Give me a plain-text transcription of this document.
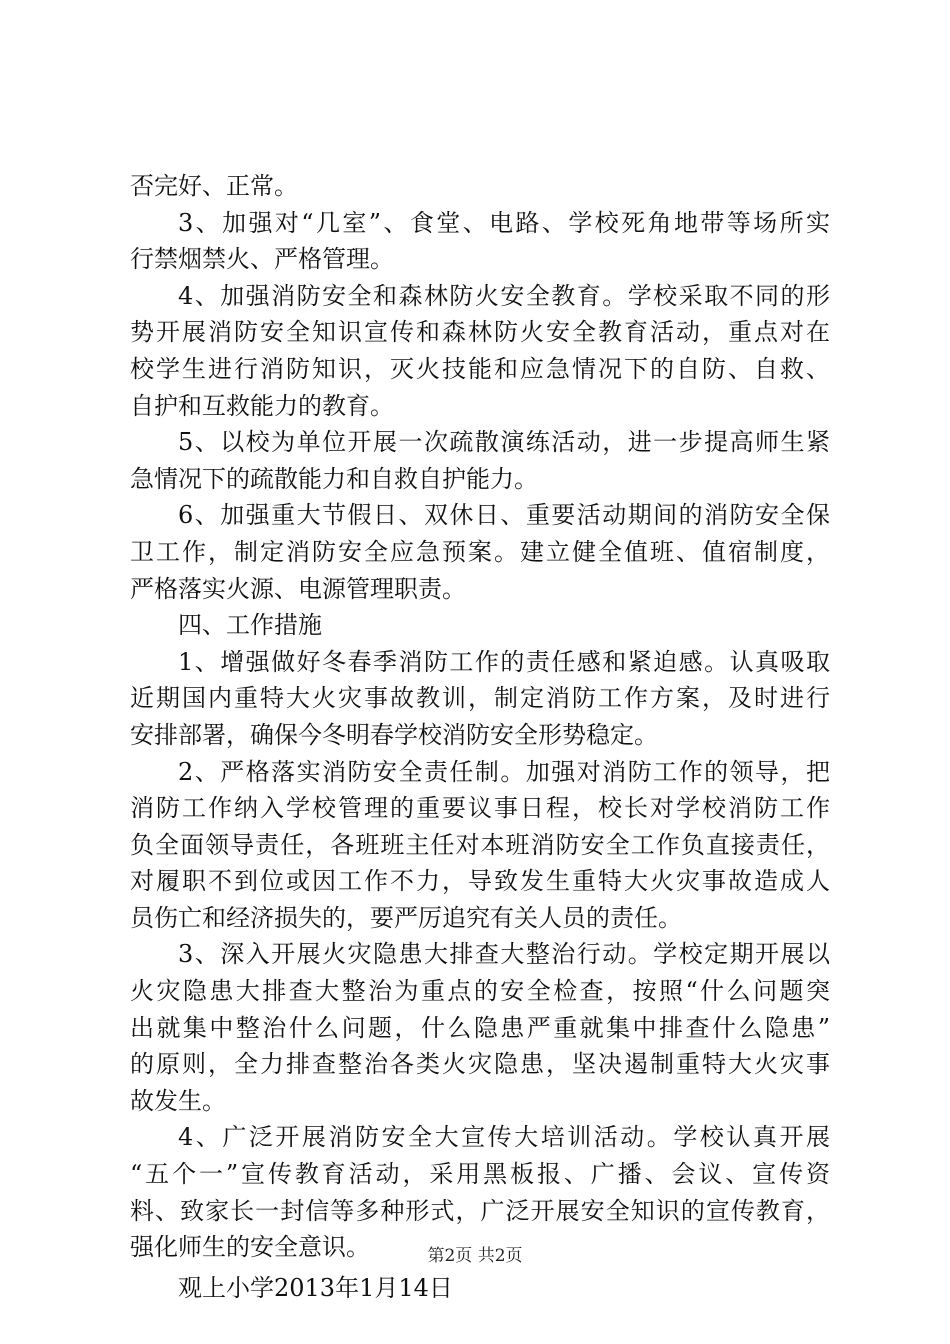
否完好、正常。
3、加强对“几室”、食堂、电路、学校死角地带等场所实
行禁烟禁火、严格管理。
4、加强消防安全和森林防火安全教育。学校采取不同的形
势开展消防安全知识宣传和森林防火安全教育活动，重点对在
校学生进行消防知识，灭火技能和应急情况下的自防、自救、
自护和互救能力的教育。
5、以校为单位开展一次疏散演练活动，进一步提高师生紧
急情况下的疏散能力和自救自护能力。
6、加强重大节假日、双休日、重要活动期间的消防安全保
卫工作，制定消防安全应急预案。建立健全值班、值宿制度，
严格落实火源、电源管理职责。
四、工作措施
1、增强做好冬春季消防工作的责任感和紧迫感。认真吸取
近期国内重特大火灾事故教训，制定消防工作方案，及时进行
安排部署，确保今冬明春学校消防安全形势稳定。
2、严格落实消防安全责任制。加强对消防工作的领导，把
消防工作纳入学校管理的重要议事日程，校长对学校消防工作
负全面领导责任，各班班主任对本班消防安全工作负直接责任，
对履职不到位或因工作不力，导致发生重特大火灾事故造成人
员伤亡和经济损失的，要严厉追究有关人员的责任。
3、深入开展火灾隐患大排查大整治行动。学校定期开展以
火灾隐患大排查大整治为重点的安全检查，按照“什么问题突
出就集中整治什么问题，什么隐患严重就集中排查什么隐患”
的原则，全力排查整治各类火灾隐患，坚决遏制重特大火灾事
故发生。
4、广泛开展消防安全大宣传大培训活动。学校认真开展
“五个一”宣传教育活动，采用黑板报、广播、会议、宣传资
料、致家长一封信等多种形式，广泛开展安全知识的宣传教育，
强化师生的安全意识。
观上小学2013年1月14日
第2页 共2页
